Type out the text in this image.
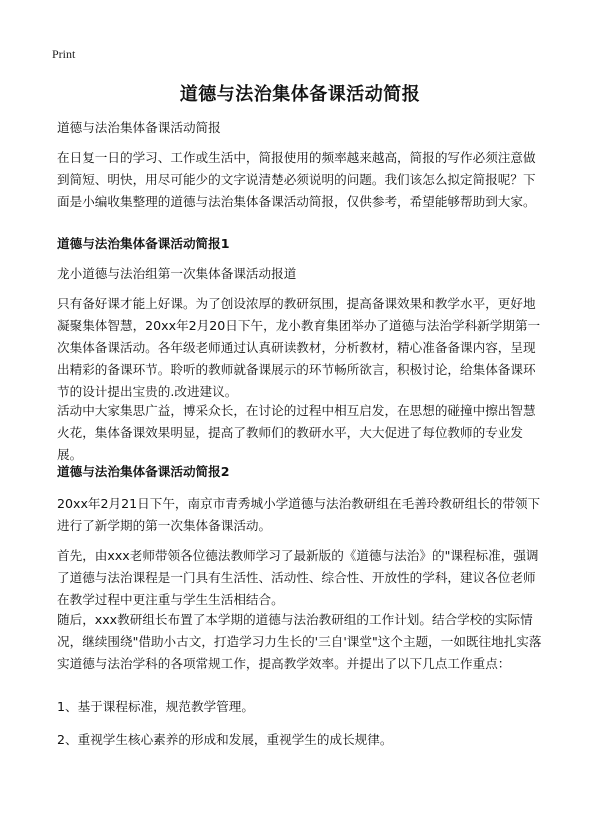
Print
道德与法治集体备课活动简报
道德与法治集体备课活动简报
在日复一日的学习、工作或生活中，简报使用的频率越来越高，简报的写作必须注意做到简短、明快，用尽可能少的文字说清楚必须说明的问题。我们该怎么拟定简报呢？下面是小编收集整理的道德与法治集体备课活动简报，仅供参考，希望能够帮助到大家。
道德与法治集体备课活动简报1
龙小道德与法治组第一次集体备课活动报道
只有备好课才能上好课。为了创设浓厚的教研氛围，提高备课效果和教学水平，更好地凝聚集体智慧，20xx年2月20日下午，龙小教育集团举办了道德与法治学科新学期第一次集体备课活动。各年级老师通过认真研读教材，分析教材，精心准备备课内容，呈现出精彩的备课环节。聆听的教师就备课展示的环节畅所欲言，积极讨论，给集体备课环节的设计提出宝贵的.改进建议。
活动中大家集思广益，博采众长，在讨论的过程中相互启发，在思想的碰撞中擦出智慧火花，集体备课效果明显，提高了教师们的教研水平，大大促进了每位教师的专业发展。
道德与法治集体备课活动简报2
20xx年2月21日下午，南京市青秀城小学道德与法治教研组在毛善玲教研组长的带领下进行了新学期的第一次集体备课活动。
首先，由xxx老师带领各位德法教师学习了最新版的《道德与法治》的"课程标准，强调了道德与法治课程是一门具有生活性、活动性、综合性、开放性的学科，建议各位老师在教学过程中更注重与学生生活相结合。
随后，xxx教研组长布置了本学期的道德与法治教研组的工作计划。结合学校的实际情况，继续围绕"借助小古文，打造学习力生长的'三自'课堂"这个主题，一如既往地扎实落实道德与法治学科的各项常规工作，提高教学效率。并提出了以下几点工作重点：
1、基于课程标准，规范教学管理。
2、重视学生核心素养的形成和发展，重视学生的成长规律。
